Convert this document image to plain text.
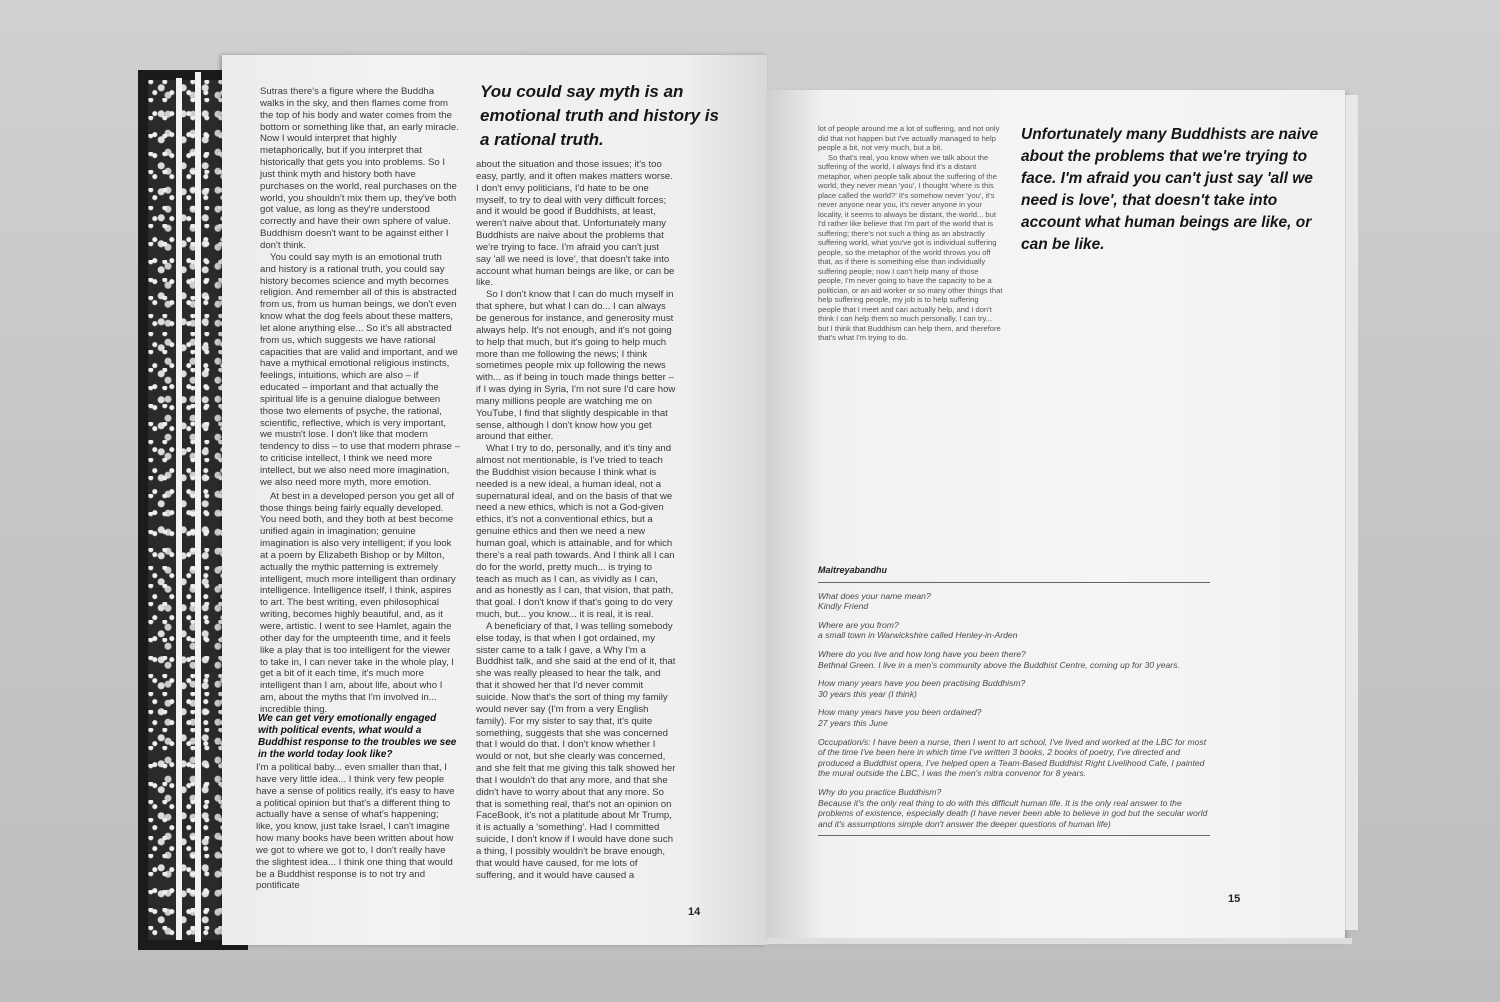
Sutras there's a figure where the Buddha walks in the sky, and then flames come from the top of his body and water comes from the bottom or something like that, an early miracle. Now I would interpret that highly metaphorically, but if you interpret that historically that gets you into problems. So I just think myth and history both have purchases on the world, real purchases on the world, you shouldn't mix them up, they've both got value, as long as they're understood correctly and have their own sphere of value. Buddhism doesn't want to be against either I don't think.

You could say myth is an emotional truth and history is a rational truth, you could say history becomes science and myth becomes religion. And remember all of this is abstracted from us, from us human beings, we don't even know what the dog feels about these matters, let alone anything else... So it's all abstracted from us, which suggests we have rational capacities that are valid and important, and we have a mythical emotional religious instincts, feelings, intuitions, which are also – if educated – important and that actually the spiritual life is a genuine dialogue between those two elements of psyche, the rational, scientific, reflective, which is very important, we mustn't lose. I don't like that modern tendency to diss – to use that modern phrase – to criticise intellect, I think we need more intellect, but we also need more imagination, we also need more myth, more emotion.

At best in a developed person you get all of those things being fairly equally developed. You need both, and they both at best become unified again in imagination; genuine imagination is also very intelligent; if you look at a poem by Elizabeth Bishop or by Milton, actually the mythic patterning is extremely intelligent, much more intelligent than ordinary intelligence. Intelligence itself, I think, aspires to art. The best writing, even philosophical writing, becomes highly beautiful, and, as it were, artistic. I went to see Hamlet, again the other day for the umpteenth time, and it feels like a play that is too intelligent for the viewer to take in, I can never take in the whole play, I get a bit of it each time, it's much more intelligent than I am, about life, about who I am, about the myths that I'm involved in... incredible thing.

We can get very emotionally engaged with political events, what would a Buddhist response to the troubles we see in the world today look like?
I'm a political baby... even smaller than that, I have very little idea... I think very few people have a sense of politics really, it's easy to have a political opinion but that's a different thing to actually have a sense of what's happening; like, you know, just take Israel, I can't imagine how many books have been written about how we got to where we got to, I don't really have the slightest idea... I think one thing that would be a Buddhist response is to not try and pontificate
You could say myth is an emotional truth and history is a rational truth.

about the situation and those issues; it's too easy, partly, and it often makes matters worse. I don't envy politicians, I'd hate to be one myself, to try to deal with very difficult forces; and it would be good if Buddhists, at least, weren't naive about that. Unfortunately many Buddhists are naive about the problems that we're trying to face. I'm afraid you can't just say 'all we need is love', that doesn't take into account what human beings are like, or can be like.

So I don't know that I can do much myself in that sphere, but what I can do... I can always be generous for instance, and generosity must always help. It's not enough, and it's not going to help that much, but it's going to help much more than me following the news; I think sometimes people mix up following the news with... as if being in touch made things better – if I was dying in Syria, I'm not sure I'd care how many millions people are watching me on YouTube, I find that slightly despicable in that sense, although I don't know how you get around that either.

What I try to do, personally, and it's tiny and almost not mentionable, is I've tried to teach the Buddhist vision because I think what is needed is a new ideal, a human ideal, not a supernatural ideal, and on the basis of that we need a new ethics, which is not a God-given ethics, it's not a conventional ethics, but a genuine ethics and then we need a new human goal, which is attainable, and for which there's a real path towards. And I think all I can do for the world, pretty much... is trying to teach as much as I can, as vividly as I can, and as honestly as I can, that vision, that path, that goal. I don't know if that's going to do very much, but... you know... it is real, it is real.

A beneficiary of that, I was telling somebody else today, is that when I got ordained, my sister came to a talk I gave, a Why I'm a Buddhist talk, and she said at the end of it, that she was really pleased to hear the talk, and that it showed her that I'd never commit suicide. Now that's the sort of thing my family would never say (I'm from a very English family). For my sister to say that, it's quite something, suggests that she was concerned that I would do that. I don't know whether I would or not, but she clearly was concerned, and she felt that me giving this talk showed her that I wouldn't do that any more, and that she didn't have to worry about that any more. So that is something real, that's not an opinion on FaceBook, it's not a platitude about Mr Trump, it is actually a 'something'. Had I committed suicide, I don't know if I would have done such a thing, I possibly wouldn't be brave enough, that would have caused, for me lots of suffering, and it would have caused a

14

lot of people around me a lot of suffering, and not only did that not happen but I've actually managed to help people a bit, not very much, but a bit.

So that's real, you know when we talk about the suffering of the world, I always find it's a distant metaphor, when people talk about the suffering of the world, they never mean 'you', I thought 'where is this place called the world?' It's somehow never 'you', it's never anyone near you, it's never anyone in your locality, it seems to always be distant, the world... but I'd rather like believe that I'm part of the world that is suffering; there's not such a thing as an abstractly suffering world, what you've got is individual suffering people, so the metaphor of the world throws you off that, as if there is something else than individually suffering people; now I can't help many of those people, I'm never going to have the capacity to be a politician, or an aid worker or so many other things that help suffering people, my job is to help suffering people that I meet and can actually help, and I don't think I can help them so much personally, I can try... but I think that Buddhism can help them, and therefore that's what I'm trying to do.

Unfortunately many Buddhists are naive about the problems that we're trying to face. I'm afraid you can't just say 'all we need is love', that doesn't take into account what human beings are like, or can be like.
Maitreyabandhu
What does your name mean?
Kindly Friend
Where are you from?
a small town in Warwickshire called Henley-in-Arden
Where do you live and how long have you been there?
Bethnal Green. I live in a men's community above the Buddhist Centre, coming up for 30 years.
How many years have you been practising Buddhism?
30 years this year (I think)
How many years have you been ordained?
27 years this June
Occupation/s: I have been a nurse, then I went to art school, I've lived and worked at the LBC for most of the time I've been here in which time I've written 3 books, 2 books of poetry, I've directed and produced a Buddhist opera, I've helped open a Team-Based Buddhist Right Livelihood Cafe, I painted the mural outside the LBC, I was the men's mitra convenor for 8 years.
Why do you practice Buddhism?
Because it's the only real thing to do with this difficult human life. It is the only real answer to the problems of existence, especially death (I have never been able to believe in god but the secular world and it's assumptions simple don't answer the deeper questions of human life)
15
